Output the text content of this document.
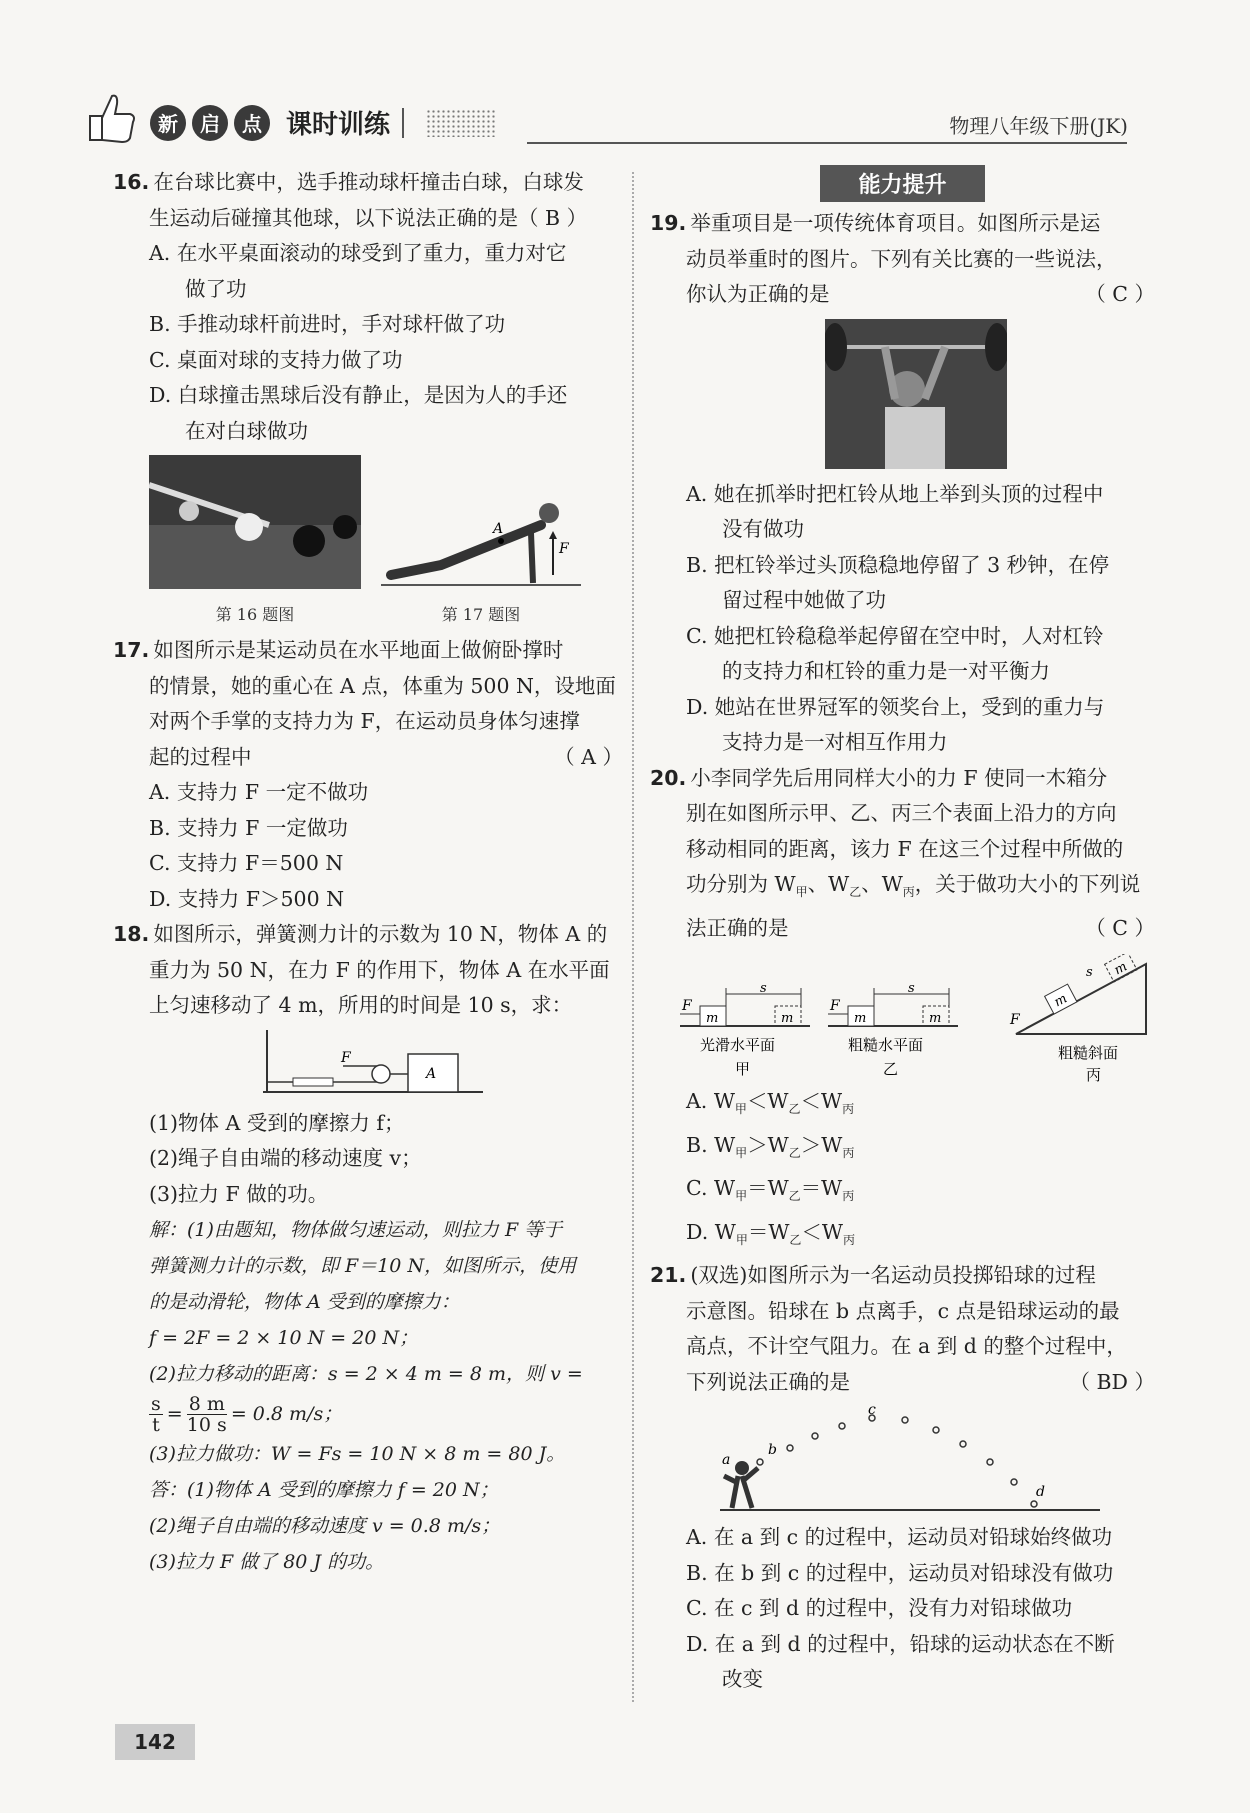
新	启	点 课时训练	物理八年级下册(JK)
16. 在台球比赛中，选手推动球杆撞击白球，白球发
生运动后碰撞其他球，以下说法正确的是（ B ）
A. 在水平桌面滚动的球受到了重力，重力对它
做了功
B. 手推动球杆前进时，手对球杆做了功
C. 桌面对球的支持力做了功
D. 白球撞击黑球后没有静止，是因为人的手还
在对白球做功
A
F
第 16 题图	第 17 题图
17. 如图所示是某运动员在水平地面上做俯卧撑时
的情景，她的重心在 A 点，体重为 500 N，设地面
对两个手掌的支持力为 F，在运动员身体匀速撑
起的过程中	（ A ）
A. 支持力 F 一定不做功
B. 支持力 F 一定做功
C. 支持力 F＝500 N
D. 支持力 F＞500 N
18. 如图所示，弹簧测力计的示数为 10 N，物体 A 的
重力为 50 N，在力 F 的作用下，物体 A 在水平面
上匀速移动了 4 m，所用的时间是 10 s，求：
F
A
(1)物体 A 受到的摩擦力 f；
(2)绳子自由端的移动速度 v；
(3)拉力 F 做的功。
解：(1)由题知，物体做匀速运动，则拉力 F 等于
弹簧测力计的示数，即 F＝10 N，如图所示，使用
的是动滑轮，物体 A 受到的摩擦力：
f = 2F = 2 × 10 N = 20 N；
(2)拉力移动的距离：s = 2 × 4 m = 8 m，则 v =
$\frac{s}{t} = \frac{8 m}{10 s} = 0.8$ m/s；
(3)拉力做功：W = Fs = 10 N × 8 m = 80 J。
答：(1)物体 A 受到的摩擦力 f = 20 N；
(2)绳子自由端的移动速度 v = 0.8 m/s；
(3)拉力 F 做了 80 J 的功。
能力提升
19. 举重项目是一项传统体育项目。如图所示是运
动员举重时的图片。下列有关比赛的一些说法，
你认为正确的是	（ C ）
A. 她在抓举时把杠铃从地上举到头顶的过程中
没有做功
B. 把杠铃举过头顶稳稳地停留了 3 秒钟，在停
留过程中她做了功
C. 她把杠铃稳稳举起停留在空中时，人对杠铃
的支持力和杠铃的重力是一对平衡力
D. 她站在世界冠军的领奖台上，受到的重力与
支持力是一对相互作用力
20. 小李同学先后用同样大小的力 F 使同一木箱分
别在如图所示甲、乙、丙三个表面上沿力的方向
移动相同的距离，该力 F 在这三个过程中所做的
功分别为 $W_甲$、$W_乙$、$W_丙$，关于做功大小的下列说
法正确的是	（ C ）
F
m	m
s
光滑水平面
甲
F
m	m
s
粗糙水平面
乙
m
m
s
F
粗糙斜面
丙
A. $W_甲<W_乙<W_丙$
B. $W_甲>W_乙>W_丙$
C. $W_甲=W_乙=W_丙$
D. $W_甲=W_乙<W_丙$
21. (双选)如图所示为一名运动员投掷铅球的过程
示意图。铅球在 b 点离手，c 点是铅球运动的最
高点，不计空气阻力。在 a 到 d 的整个过程中，
下列说法正确的是	（ BD ）
a
b
c
d
A. 在 a 到 c 的过程中，运动员对铅球始终做功
B. 在 b 到 c 的过程中，运动员对铅球没有做功
C. 在 c 到 d 的过程中，没有力对铅球做功
D. 在 a 到 d 的过程中，铅球的运动状态在不断
改变
142
